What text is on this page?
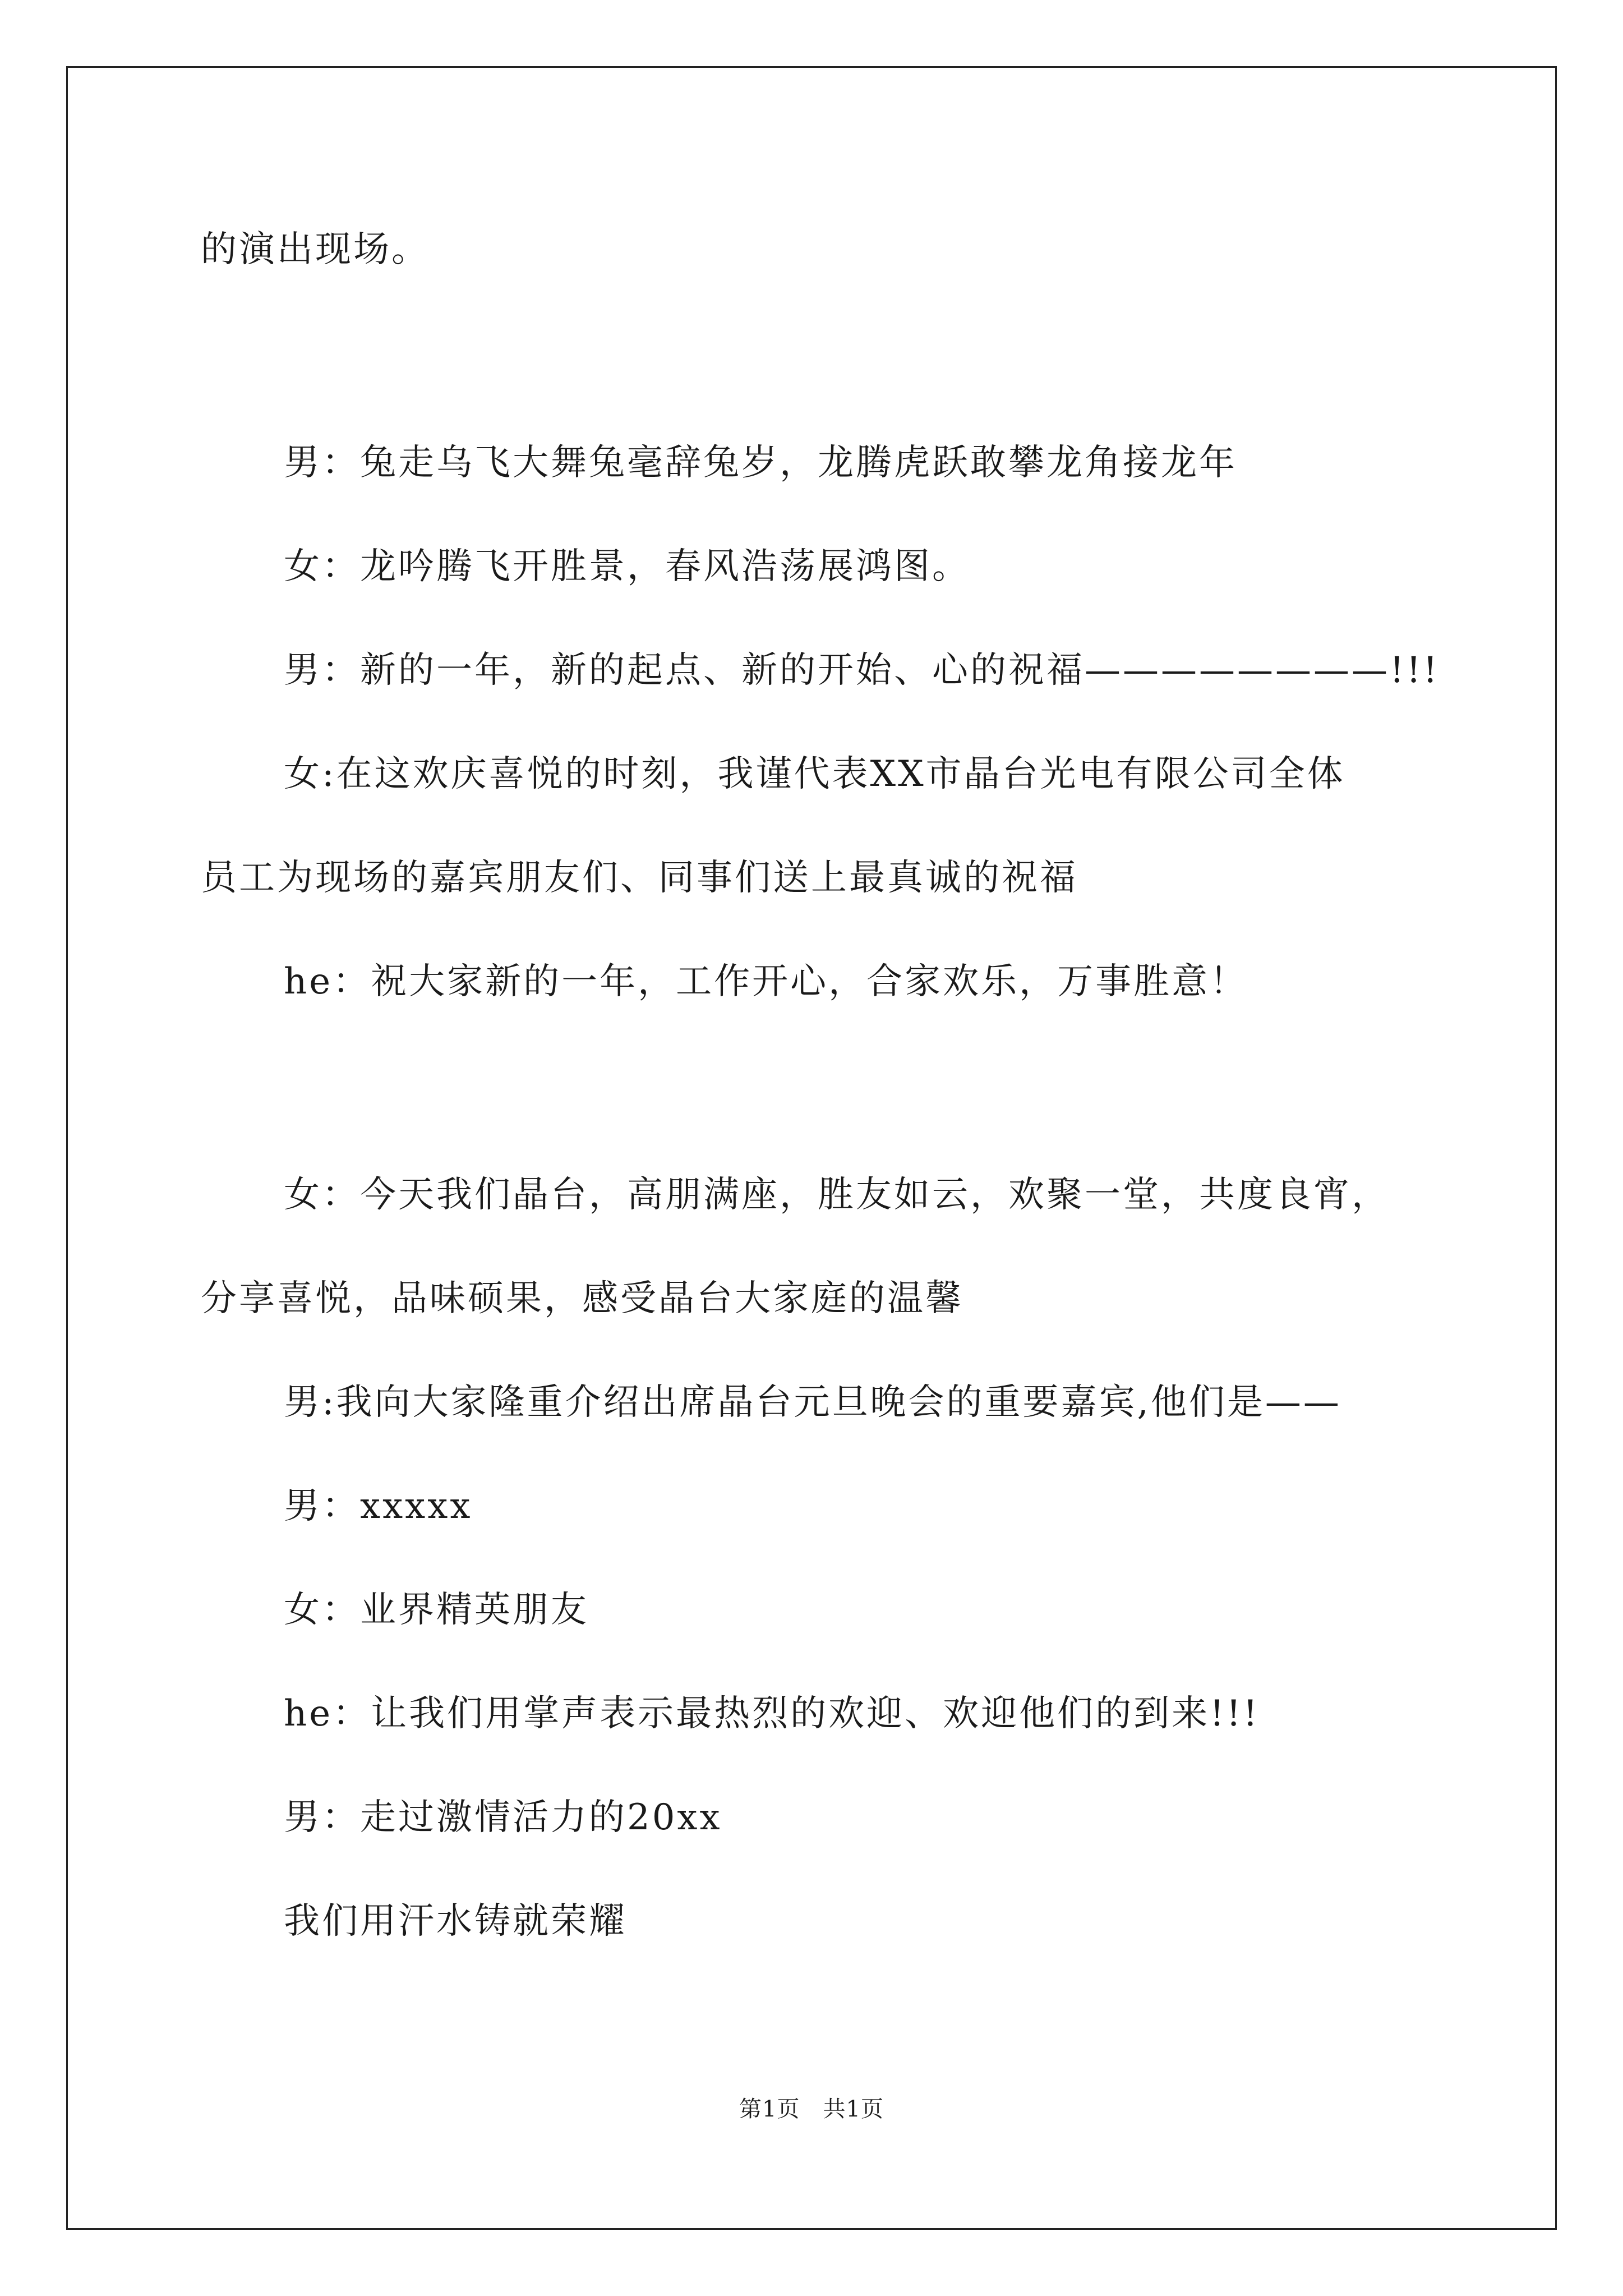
的演出现场。
男：兔走乌飞大舞兔毫辞兔岁，龙腾虎跃敢攀龙角接龙年
女：龙吟腾飞开胜景，春风浩荡展鸿图。
男：新的一年，新的起点、新的开始、心的祝福————————!!!
女:在这欢庆喜悦的时刻，我谨代表XX市晶台光电有限公司全体
员工为现场的嘉宾朋友们、同事们送上最真诚的祝福
he：祝大家新的一年，工作开心，合家欢乐，万事胜意！
女：今天我们晶台，高朋满座，胜友如云，欢聚一堂，共度良宵，
分享喜悦，品味硕果，感受晶台大家庭的温馨
男:我向大家隆重介绍出席晶台元旦晚会的重要嘉宾,他们是——
男：xxxxx
女：业界精英朋友
he：让我们用掌声表示最热烈的欢迎、欢迎他们的到来!!!
男：走过激情活力的20xx
我们用汗水铸就荣耀
第1页　共1页
